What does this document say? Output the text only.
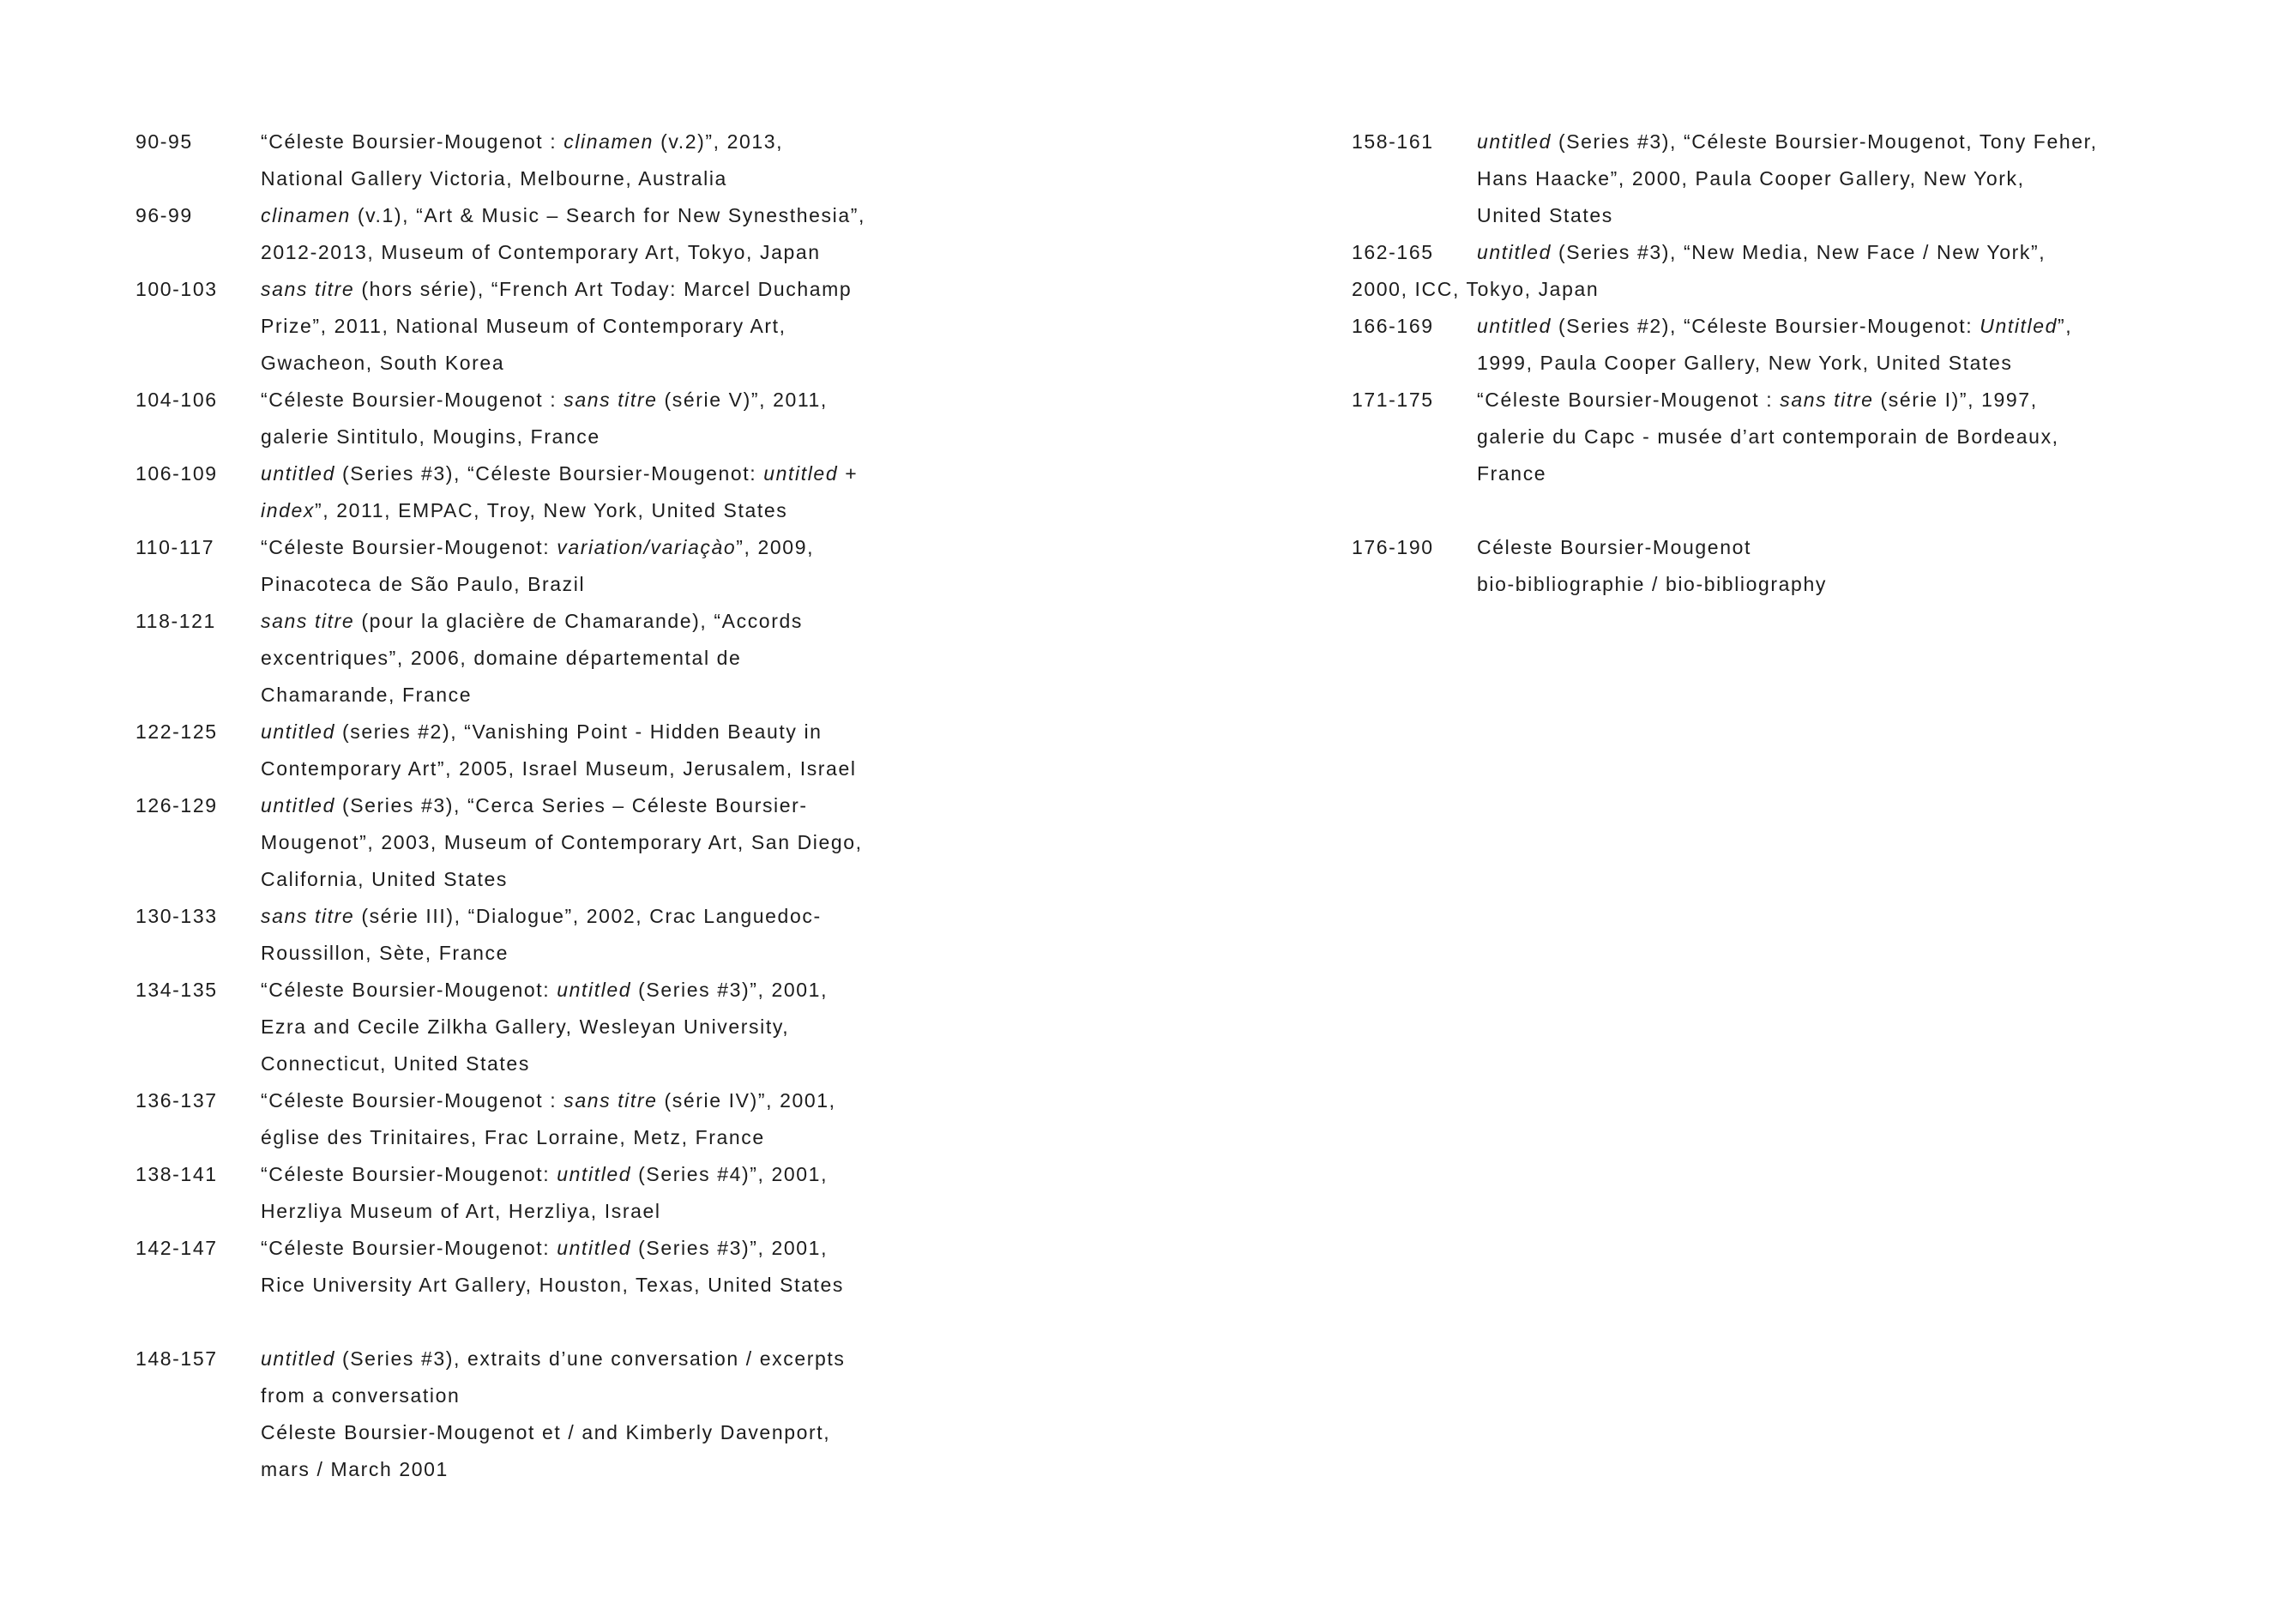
90-95	“Céleste Boursier-Mougenot : clinamen (v.2)”, 2013,
National Gallery Victoria, Melbourne, Australia
96-99	clinamen (v.1), “Art & Music – Search for New Synesthesia”,
2012-2013, Museum of Contemporary Art, Tokyo, Japan
100-103 sans titre (hors série), “French Art Today: Marcel Duchamp
Prize”, 2011, National Museum of Contemporary Art,
Gwacheon, South Korea
104-106 “Céleste Boursier-Mougenot : sans titre (série V)”, 2011,
galerie Sintitulo, Mougins, France
106-109 untitled (Series #3), “Céleste Boursier-Mougenot: untitled +
index”, 2011, EMPAC, Troy, New York, United States
110-117 “Céleste Boursier-Mougenot: variation/variaçào”, 2009,
Pinacoteca de São Paulo, Brazil
118-121 sans titre (pour la glacière de Chamarande), “Accords
excentriques”, 2006, domaine départemental de
Chamarande, France
122-125 untitled (series #2), “Vanishing Point - Hidden Beauty in
Contemporary Art”, 2005, Israel Museum, Jerusalem, Israel
126-129 untitled (Series #3), “Cerca Series – Céleste Boursier-
Mougenot”, 2003, Museum of Contemporary Art, San Diego,
California, United States
130-133 sans titre (série III), “Dialogue”, 2002, Crac Languedoc-
Roussillon, Sète, France
134-135 “Céleste Boursier-Mougenot: untitled (Series #3)”, 2001,
Ezra and Cecile Zilkha Gallery, Wesleyan University,
Connecticut, United States
136-137 “Céleste Boursier-Mougenot : sans titre (série IV)”, 2001,
église des Trinitaires, Frac Lorraine, Metz, France
138-141 “Céleste Boursier-Mougenot: untitled (Series #4)”, 2001,
Herzliya Museum of Art, Herzliya, Israel
142-147 “Céleste Boursier-Mougenot: untitled (Series #3)”, 2001,
Rice University Art Gallery, Houston, Texas, United States
148-157 untitled (Series #3), extraits d’une conversation / excerpts
from a conversation
Céleste Boursier-Mougenot et / and Kimberly Davenport,
mars / March 2001
158-161 untitled (Series #3), “Céleste Boursier-Mougenot, Tony Feher,
Hans Haacke”, 2000, Paula Cooper Gallery, New York,
United States
162-165 untitled (Series #3), “New Media, New Face / New York”,
2000, ICC, Tokyo, Japan
166-169 untitled (Series #2), “Céleste Boursier-Mougenot: Untitled”,
1999, Paula Cooper Gallery, New York, United States
171-175 “Céleste Boursier-Mougenot : sans titre (série I)”, 1997,
galerie du Capc - musée d’art contemporain de Bordeaux,
France
176-190 Céleste Boursier-Mougenot
bio-bibliographie / bio-bibliography
